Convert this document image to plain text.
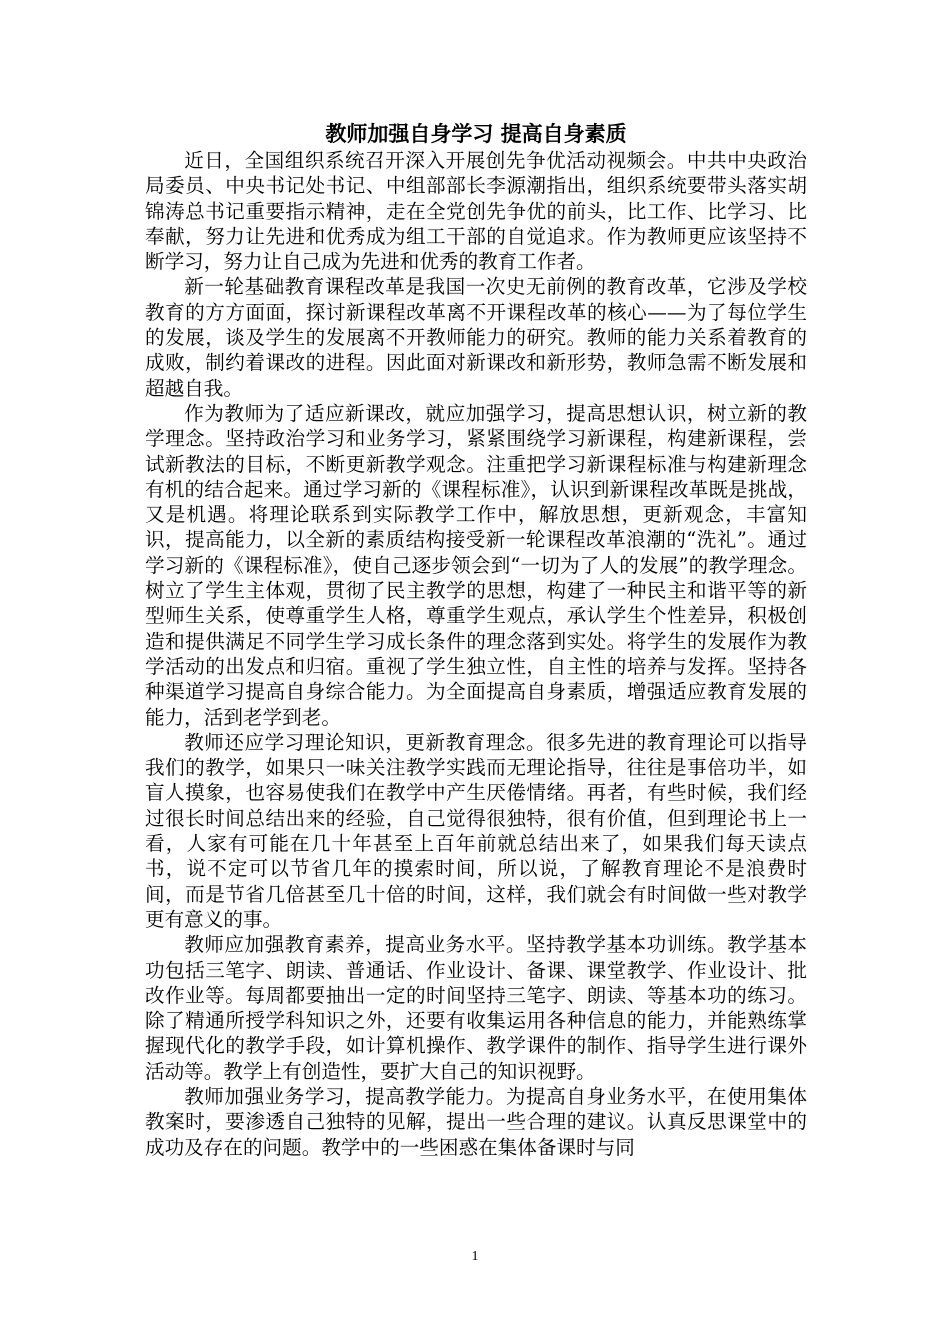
教师加强自身学习 提高自身素质

近日，全国组织系统召开深入开展创先争优活动视频会。中共中央政治局委员、中央书记处书记、中组部部长李源潮指出，组织系统要带头落实胡锦涛总书记重要指示精神，走在全党创先争优的前头，比工作、比学习、比奉献，努力让先进和优秀成为组工干部的自觉追求。作为教师更应该坚持不断学习，努力让自己成为先进和优秀的教育工作者。

新一轮基础教育课程改革是我国一次史无前例的教育改革，它涉及学校教育的方方面面，探讨新课程改革离不开课程改革的核心——为了每位学生的发展，谈及学生的发展离不开教师能力的研究。教师的能力关系着教育的成败，制约着课改的进程。因此面对新课改和新形势，教师急需不断发展和超越自我。

作为教师为了适应新课改，就应加强学习，提高思想认识，树立新的教学理念。坚持政治学习和业务学习，紧紧围绕学习新课程，构建新课程，尝试新教法的目标，不断更新教学观念。注重把学习新课程标准与构建新理念有机的结合起来。通过学习新的《课程标准》，认识到新课程改革既是挑战，又是机遇。将理论联系到实际教学工作中，解放思想，更新观念，丰富知识，提高能力，以全新的素质结构接受新一轮课程改革浪潮的“洗礼”。通过学习新的《课程标准》，使自己逐步领会到“一切为了人的发展”的教学理念。树立了学生主体观，贯彻了民主教学的思想，构建了一种民主和谐平等的新型师生关系，使尊重学生人格，尊重学生观点，承认学生个性差异，积极创造和提供满足不同学生学习成长条件的理念落到实处。将学生的发展作为教学活动的出发点和归宿。重视了学生独立性，自主性的培养与发挥。坚持各种渠道学习提高自身综合能力。为全面提高自身素质，增强适应教育发展的能力，活到老学到老。

教师还应学习理论知识，更新教育理念。很多先进的教育理论可以指导我们的教学，如果只一味关注教学实践而无理论指导，往往是事倍功半，如盲人摸象，也容易使我们在教学中产生厌倦情绪。再者，有些时候，我们经过很长时间总结出来的经验，自己觉得很独特，很有价值，但到理论书上一看，人家有可能在几十年甚至上百年前就总结出来了，如果我们每天读点书，说不定可以节省几年的摸索时间，所以说，了解教育理论不是浪费时间，而是节省几倍甚至几十倍的时间，这样，我们就会有时间做一些对教学更有意义的事。

教师应加强教育素养，提高业务水平。坚持教学基本功训练。教学基本功包括三笔字、朗读、普通话、作业设计、备课、课堂教学、作业设计、批改作业等。每周都要抽出一定的时间坚持三笔字、朗读、等基本功的练习。除了精通所授学科知识之外，还要有收集运用各种信息的能力，并能熟练掌握现代化的教学手段，如计算机操作、教学课件的制作、指导学生进行课外活动等。教学上有创造性，要扩大自己的知识视野。

教师加强业务学习，提高教学能力。为提高自身业务水平，在使用集体教案时，要渗透自己独特的见解，提出一些合理的建议。认真反思课堂中的成功及存在的问题。教学中的一些困惑在集体备课时与同

1
